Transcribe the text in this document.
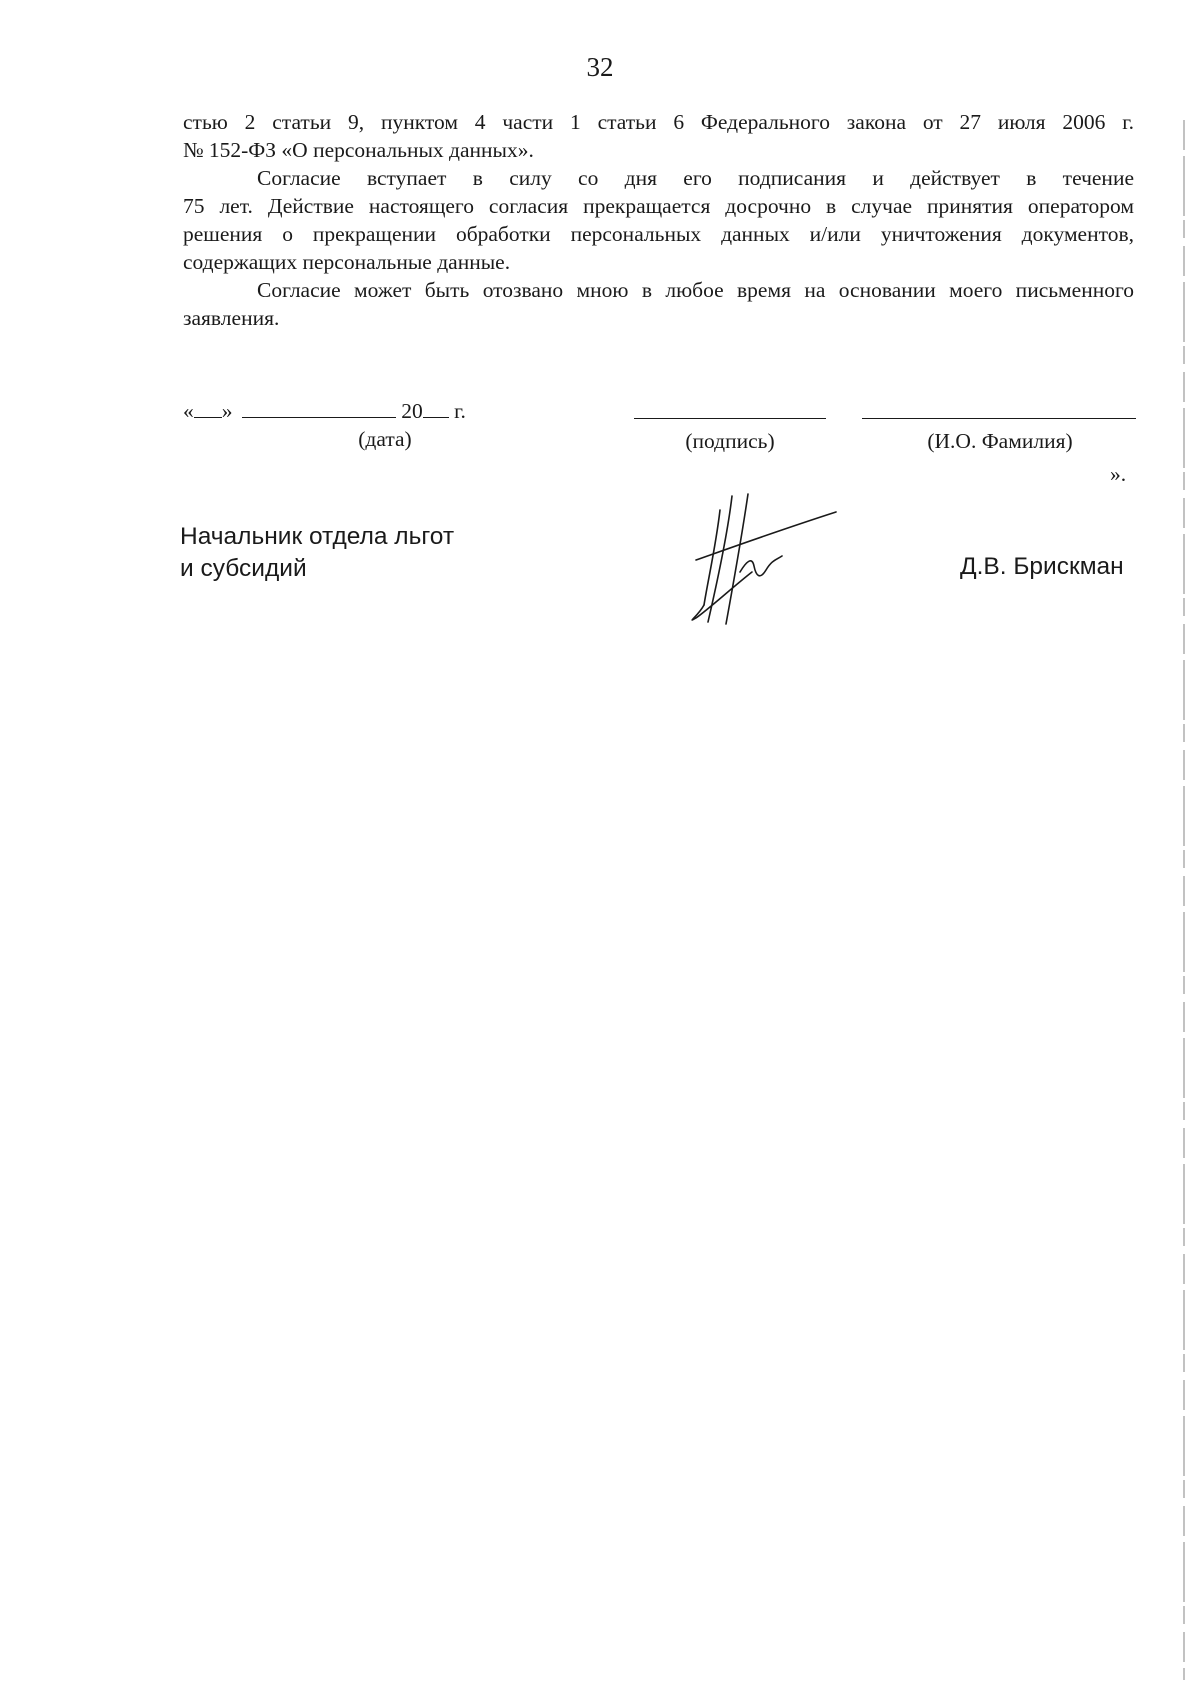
32

стью 2 статьи 9, пунктом 4 части 1 статьи 6 Федерального закона от 27 июля 2006 г.
№ 152-ФЗ «О персональных данных».

Согласие вступает в силу со дня его подписания и действует в течение
75 лет. Действие настоящего согласия прекращается досрочно в случае принятия оператором
решения о прекращении обработки персональных данных и/или уничтожения документов,
содержащих персональные данные.

Согласие может быть отозвано мною в любое время на основании моего письменного
заявления.

« »	20 г.
(дата)	(подпись)	(И.О. Фамилия)
».
Начальник отдела льгот
и субсидий	Д.В. Брискман
